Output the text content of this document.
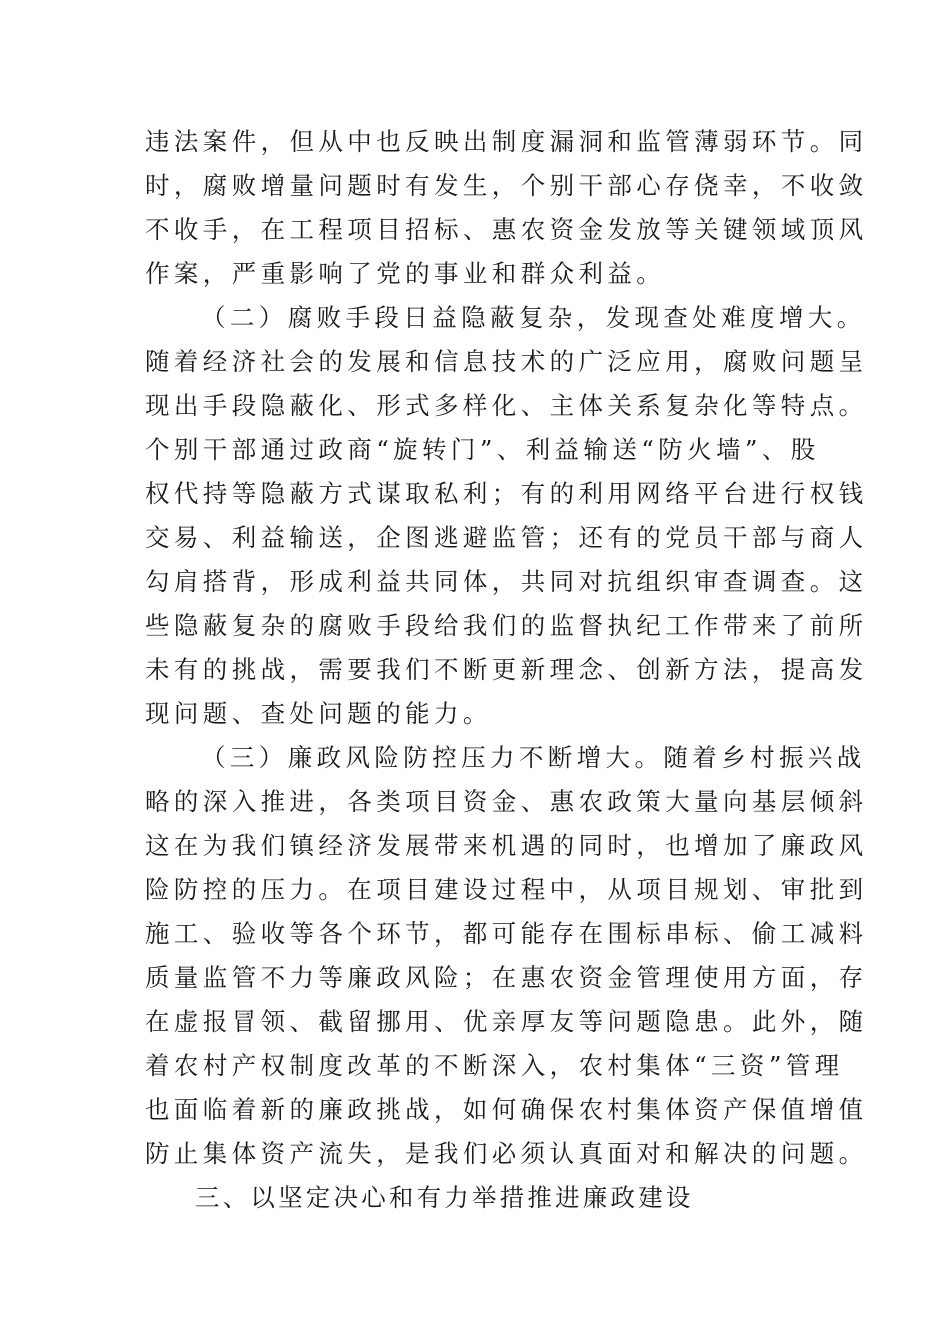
违法案件，但从中也反映出制度漏洞和监管薄弱环节。同
时，腐败增量问题时有发生，个别干部心存侥幸，不收敛
不收手，在工程项目招标、惠农资金发放等关键领域顶风
作案，严重影响了党的事业和群众利益。
（二）腐败手段日益隐蔽复杂，发现查处难度增大。
随着经济社会的发展和信息技术的广泛应用，腐败问题呈
现出手段隐蔽化、形式多样化、主体关系复杂化等特点。
个别干部通过政商“旋转门”、利益输送“防火墙”、股
权代持等隐蔽方式谋取私利；有的利用网络平台进行权钱
交易、利益输送，企图逃避监管；还有的党员干部与商人
勾肩搭背，形成利益共同体，共同对抗组织审查调查。这
些隐蔽复杂的腐败手段给我们的监督执纪工作带来了前所
未有的挑战，需要我们不断更新理念、创新方法，提高发
现问题、查处问题的能力。
（三）廉政风险防控压力不断增大。随着乡村振兴战
略的深入推进，各类项目资金、惠农政策大量向基层倾斜
这在为我们镇经济发展带来机遇的同时，也增加了廉政风
险防控的压力。在项目建设过程中，从项目规划、审批到
施工、验收等各个环节，都可能存在围标串标、偷工减料
质量监管不力等廉政风险；在惠农资金管理使用方面，存
在虚报冒领、截留挪用、优亲厚友等问题隐患。此外，随
着农村产权制度改革的不断深入，农村集体“三资”管理
也面临着新的廉政挑战，如何确保农村集体资产保值增值
防止集体资产流失，是我们必须认真面对和解决的问题。
三、以坚定决心和有力举措推进廉政建设
